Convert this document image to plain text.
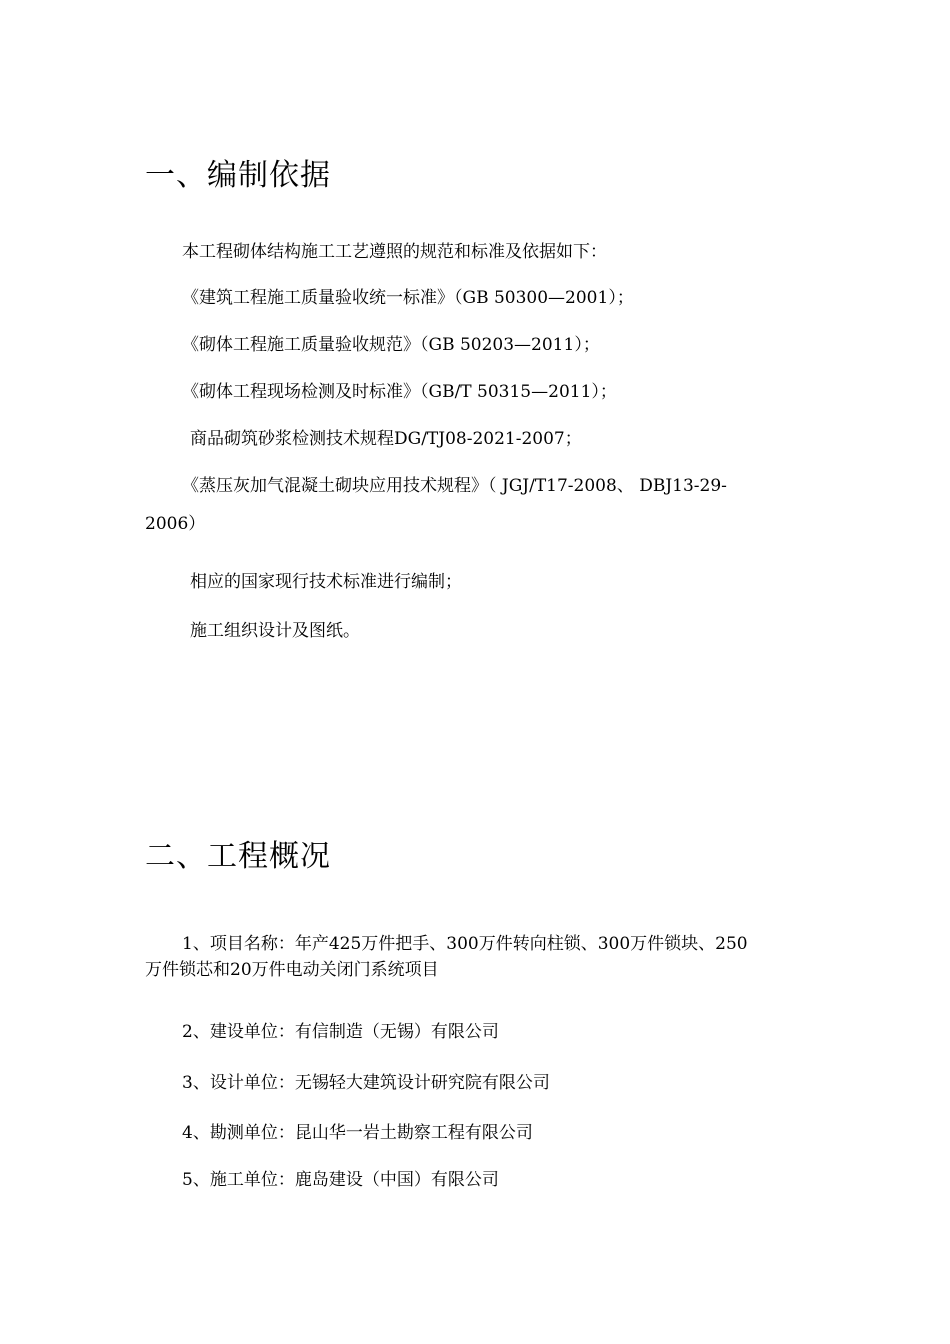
一、编制依据

本工程砌体结构施工工艺遵照的规范和标准及依据如下：

《建筑工程施工质量验收统一标准》（GB 50300—2001）；

《砌体工程施工质量验收规范》（GB 50203—2011）；

《砌体工程现场检测及时标准》（GB/T 50315—2011）；

商品砌筑砂浆检测技术规程DG/TJ08-2021-2007；

《蒸压灰加气混凝土砌块应用技术规程》（ JGJ/T17-2008、 DBJ13-29-
2006）

相应的国家现行技术标准进行编制；

施工组织设计及图纸。

二、工程概况
1、项目名称：年产425万件把手、300万件转向柱锁、300万件锁块、250
万件锁芯和20万件电动关闭门系统项目

2、建设单位：有信制造（无锡）有限公司

3、设计单位：无锡轻大建筑设计研究院有限公司

4、勘测单位：昆山华一岩土勘察工程有限公司

5、施工单位：鹿岛建设（中国）有限公司
